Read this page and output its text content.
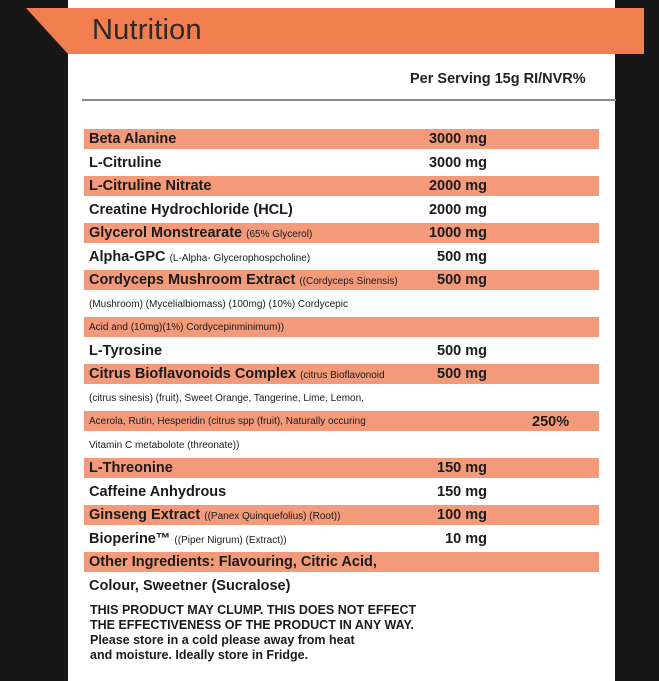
Nutrition
Per Serving 15g RI/NVR%
Beta Alanine	3000 mg
L-Citruline	3000 mg
L-Citruline Nitrate	2000 mg
Creatine Hydrochloride (HCL)	2000 mg
Glycerol Monstrearate (65% Glycerol)	1000 mg
Alpha-GPC (L-Alpha- Glycerophospcholine)	500 mg
Cordyceps Mushroom Extract ((Cordyceps Sinensis)	500 mg
(Mushroom) (Mycelialbiomass) (100mg) (10%) Cordycepic
Acid and (10mg)(1%) Cordycepinminimum))
L-Tyrosine	500 mg
Citrus Bioflavonoids Complex (citrus Bioflavonoid	500 mg
(citrus sinesis) (fruit), Sweet Orange, Tangerine, Lime, Lemon,
Acerola, Rutin, Hesperidin (citrus spp (fruit), Naturally occuring	250%
Vitamin C metabolote (threonate))
L-Threonine	150 mg
Caffeine Anhydrous	150 mg
Ginseng Extract ((Panex Quinquefolius) (Root))	100 mg
Bioperine™ ((Piper Nigrum) (Extract))	10 mg
Other Ingredients: Flavouring, Citric Acid,
Colour, Sweetner (Sucralose)
THIS PRODUCT MAY CLUMP. THIS DOES NOT EFFECT
THE EFFECTIVENESS OF THE PRODUCT IN ANY WAY.
Please store in a cold please away from heat
and moisture. Ideally store in Fridge.
